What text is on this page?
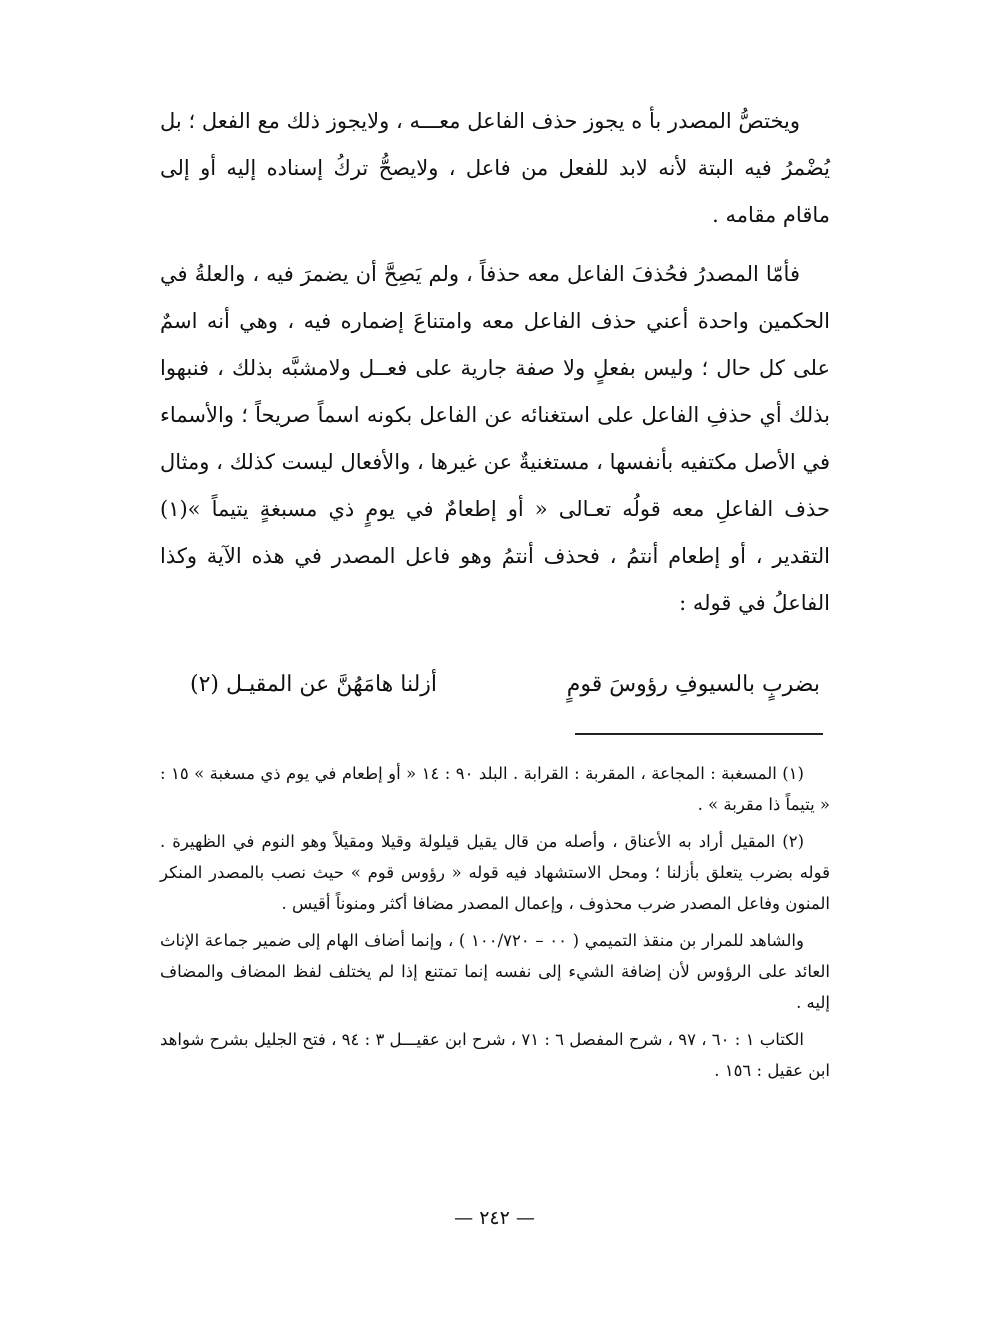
ويختصُّ المصدر بأ ه يجوز حذف الفاعل معـــه ، ولايجوز ذلك مع الفعل ؛ بل يُضْمرُ فيه البتة لأنه لابد للفعل من فاعل ، ولايصحُّ تركُ إسناده إليه أو إلى ماقام مقامه .

فأمّا المصدرُ فحُذفَ الفاعل معه حذفاً ، ولم يَصِحَّ أن يضمرَ فيه ، والعلةُ في الحكمين واحدة أعني حذف الفاعل معه وامتناعَ إضماره فيه ، وهي أنه اسمٌ على كل حال ؛ وليس بفعلٍ ولا صفة جارية على فعــل ولامشبَّه بذلك ، فنبهوا بذلك أي حذفِ الفاعل على استغنائه عن الفاعل بكونه اسماً صريحاً ؛ والأسماء في الأصل مكتفيه بأنفسها ، مستغنيةٌ عن غيرها ، والأفعال ليست كذلك ، ومثال حذف الفاعلِ معه قولُه تعـالى « أو إطعامٌ في يومٍ ذي مسبغةٍ يتيماً »(١) التقدير ، أو إطعام أنتمُ ، فحذف أنتمُ وهو فاعل المصدر في هذه الآية وكذا الفاعلُ في قوله :

بضربٍ بالسيوفِ رؤوسَ قومٍ
أزلنا هامَهُنَّ عن المقيـل (٢)

(١) المسغبة : المجاعة ، المقربة : القرابة . البلد ٩٠ : ١٤ « أو إطعام في يوم ذي مسغبة » ١٥ : « يتيماً ذا مقربة » .

(٢) المقيل أراد به الأعناق ، وأصله من قال يقيل قيلولة وقيلا ومقيلاً وهو النوم في الظهيرة . قوله بضرب يتعلق بأزلنا ؛ ومحل الاستشهاد فيه قوله « رؤوس قوم » حيث نصب بالمصدر المنكر المنون وفاعل المصدر ضرب محذوف ، وإعمال المصدر مضافا أكثر ومنوناً أقيس .

والشاهد للمرار بن منقذ التميمي ( ٠٠ – ١٠٠/٧٢٠ ) ، وإنما أضاف الهام إلى ضمير جماعة الإناث العائد على الرؤوس لأن إضافة الشيء إلى نفسه إنما تمتنع إذا لم يختلف لفظ المضاف والمضاف إليه .

الكتاب ١ : ٦٠ ، ٩٧ ، شرح المفصل ٦ : ٧١ ، شرح ابن عقيـــل ٣ : ٩٤ ، فتح الجليل بشرح شواهد ابن عقيل : ١٥٦ .

— ٢٤٢ —
